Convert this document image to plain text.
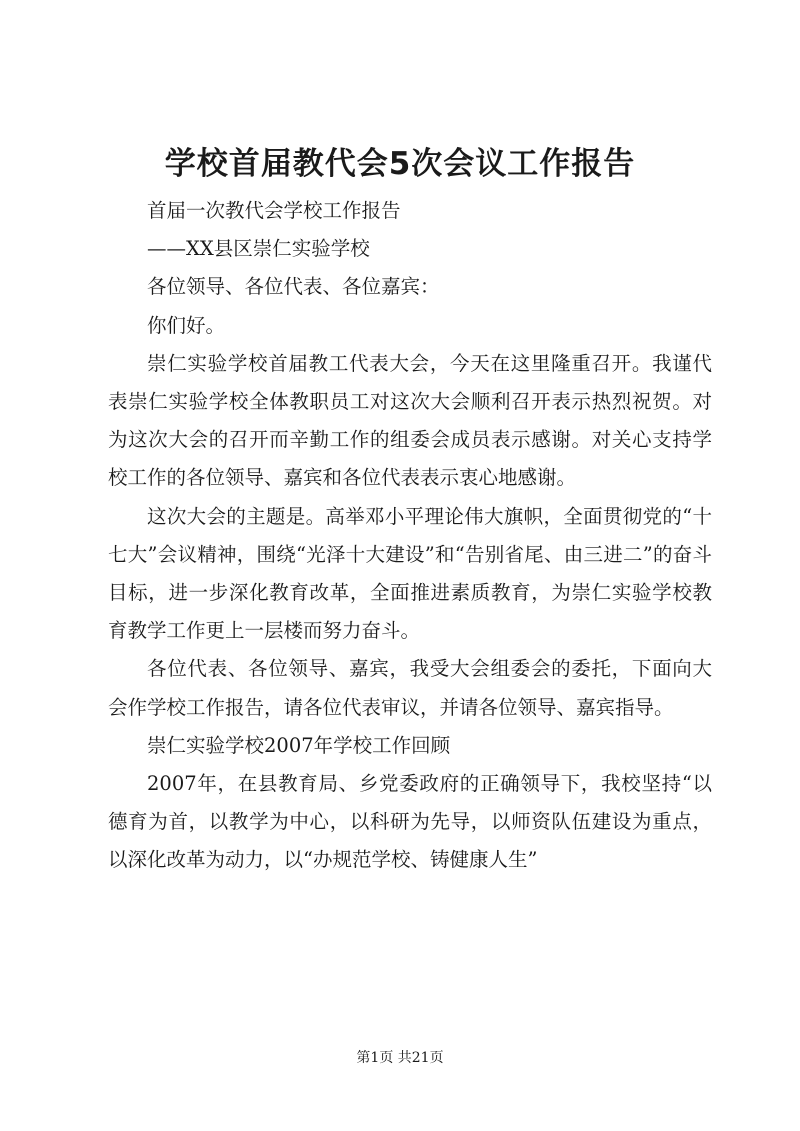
学校首届教代会5次会议工作报告

首届一次教代会学校工作报告

——XX县区崇仁实验学校

各位领导、各位代表、各位嘉宾：

你们好。

崇仁实验学校首届教工代表大会，今天在这里隆重召开。我谨代表崇仁实验学校全体教职员工对这次大会顺利召开表示热烈祝贺。对为这次大会的召开而辛勤工作的组委会成员表示感谢。对关心支持学校工作的各位领导、嘉宾和各位代表表示衷心地感谢。

这次大会的主题是。高举邓小平理论伟大旗帜，全面贯彻党的“十七大”会议精神，围绕“光泽十大建设”和“告别省尾、由三进二”的奋斗目标，进一步深化教育改革，全面推进素质教育，为崇仁实验学校教育教学工作更上一层楼而努力奋斗。

各位代表、各位领导、嘉宾，我受大会组委会的委托，下面向大会作学校工作报告，请各位代表审议，并请各位领导、嘉宾指导。

崇仁实验学校2007年学校工作回顾

2007年，在县教育局、乡党委政府的正确领导下，我校坚持“以德育为首，以教学为中心，以科研为先导，以师资队伍建设为重点，以深化改革为动力，以“办规范学校、铸健康人生”

第1页 共21页
